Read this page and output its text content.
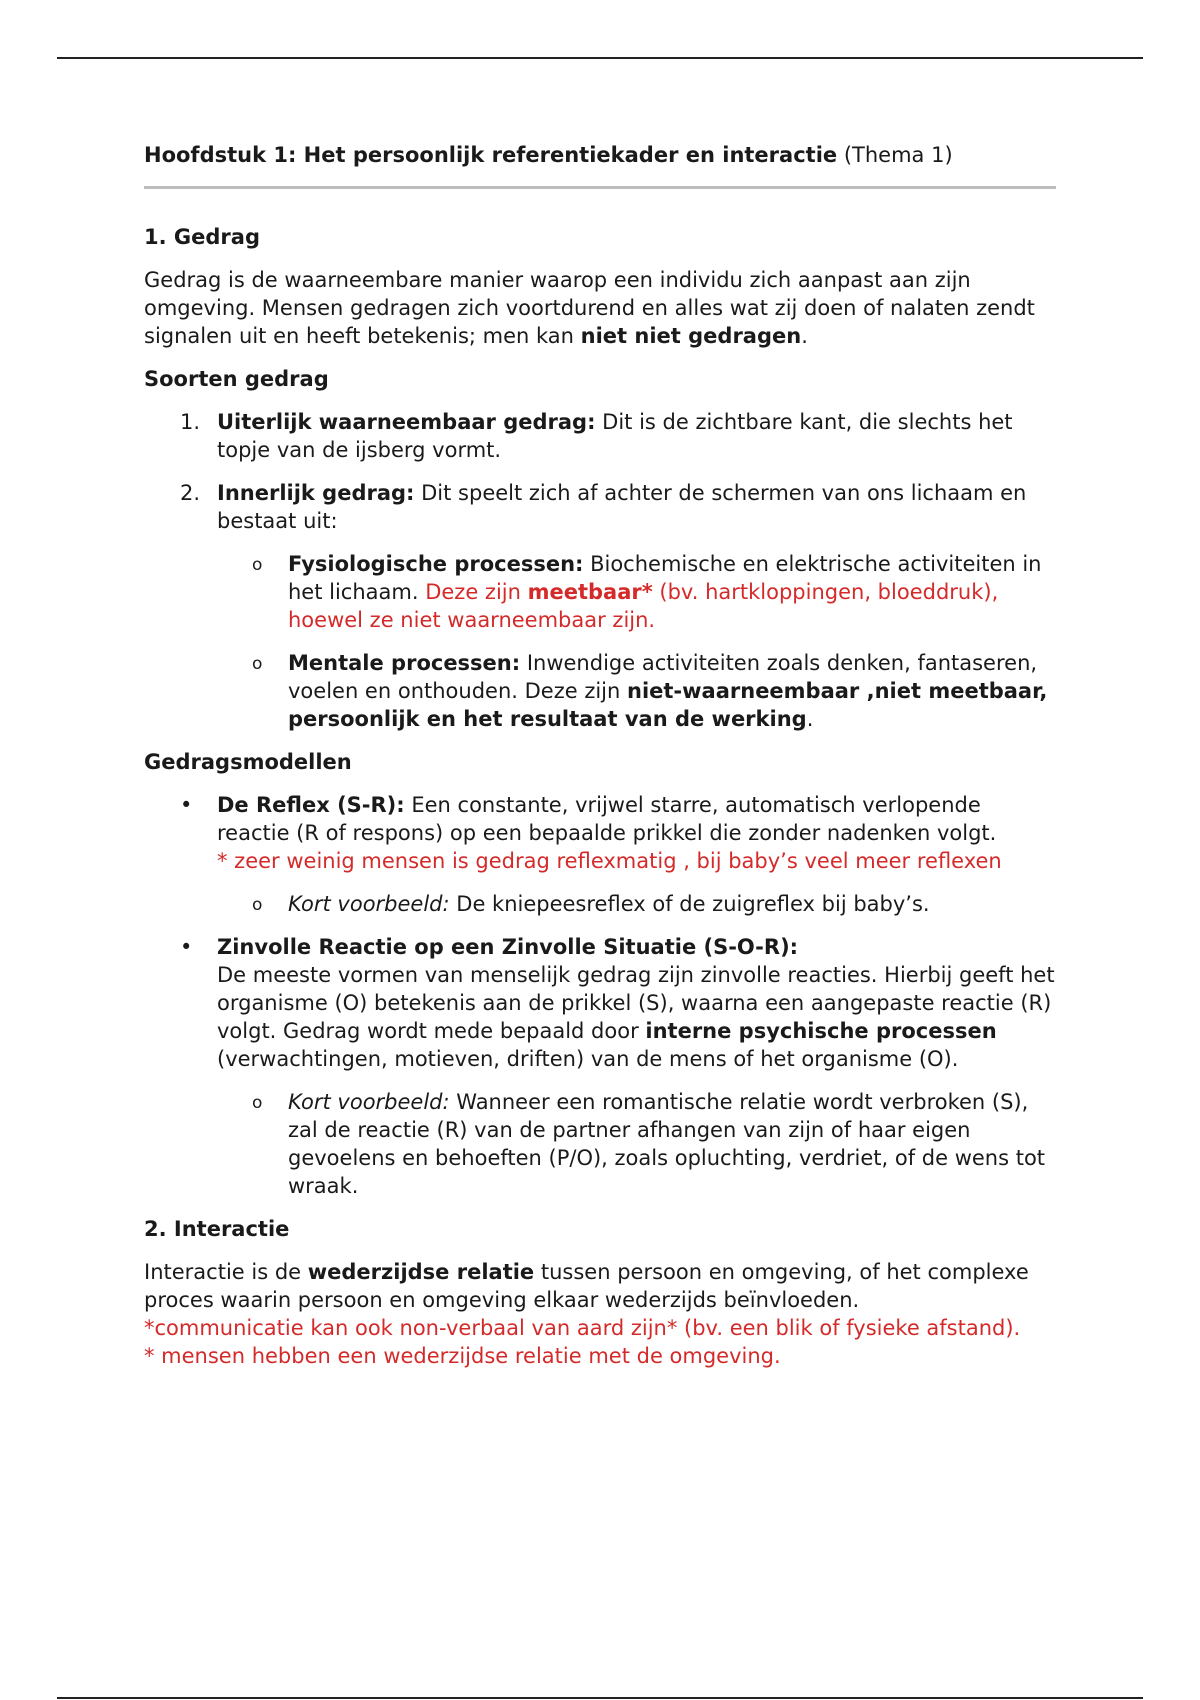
Hoofdstuk 1: Het persoonlijk referentiekader en interactie (Thema 1)

1. Gedrag

Gedrag is de waarneembare manier waarop een individu zich aanpast aan zijn omgeving. Mensen gedragen zich voortdurend en alles wat zij doen of nalaten zendt signalen uit en heeft betekenis; men kan niet niet gedragen.

Soorten gedrag
1. Uiterlijk waarneembaar gedrag: Dit is de zichtbare kant, die slechts het topje van de ijsberg vormt.
2. Innerlijk gedrag: Dit speelt zich af achter de schermen van ons lichaam en bestaat uit:
o Fysiologische processen: Biochemische en elektrische activiteiten in het lichaam. Deze zijn meetbaar* (bv. hartkloppingen, bloeddruk), hoewel ze niet waarneembaar zijn.
o Mentale processen: Inwendige activiteiten zoals denken, fantaseren, voelen en onthouden. Deze zijn niet-waarneembaar ,niet meetbaar, persoonlijk en het resultaat van de werking.
Gedragsmodellen
• De Reflex (S-R): Een constante, vrijwel starre, automatisch verlopende reactie (R of respons) op een bepaalde prikkel die zonder nadenken volgt.
* zeer weinig mensen is gedrag reflexmatig , bij baby’s veel meer reflexen
o Kort voorbeeld: De kniepeesreflex of de zuigreflex bij baby’s.
• Zinvolle Reactie op een Zinvolle Situatie (S-O-R):
De meeste vormen van menselijk gedrag zijn zinvolle reacties. Hierbij geeft het organisme (O) betekenis aan de prikkel (S), waarna een aangepaste reactie (R) volgt. Gedrag wordt mede bepaald door interne psychische processen (verwachtingen, motieven, driften) van de mens of het organisme (O).
o Kort voorbeeld: Wanneer een romantische relatie wordt verbroken (S), zal de reactie (R) van de partner afhangen van zijn of haar eigen gevoelens en behoeften (P/O), zoals opluchting, verdriet, of de wens tot wraak.
2. Interactie

Interactie is de wederzijdse relatie tussen persoon en omgeving, of het complexe proces waarin persoon en omgeving elkaar wederzijds beïnvloeden.
*communicatie kan ook non-verbaal van aard zijn* (bv. een blik of fysieke afstand).
* mensen hebben een wederzijdse relatie met de omgeving.
